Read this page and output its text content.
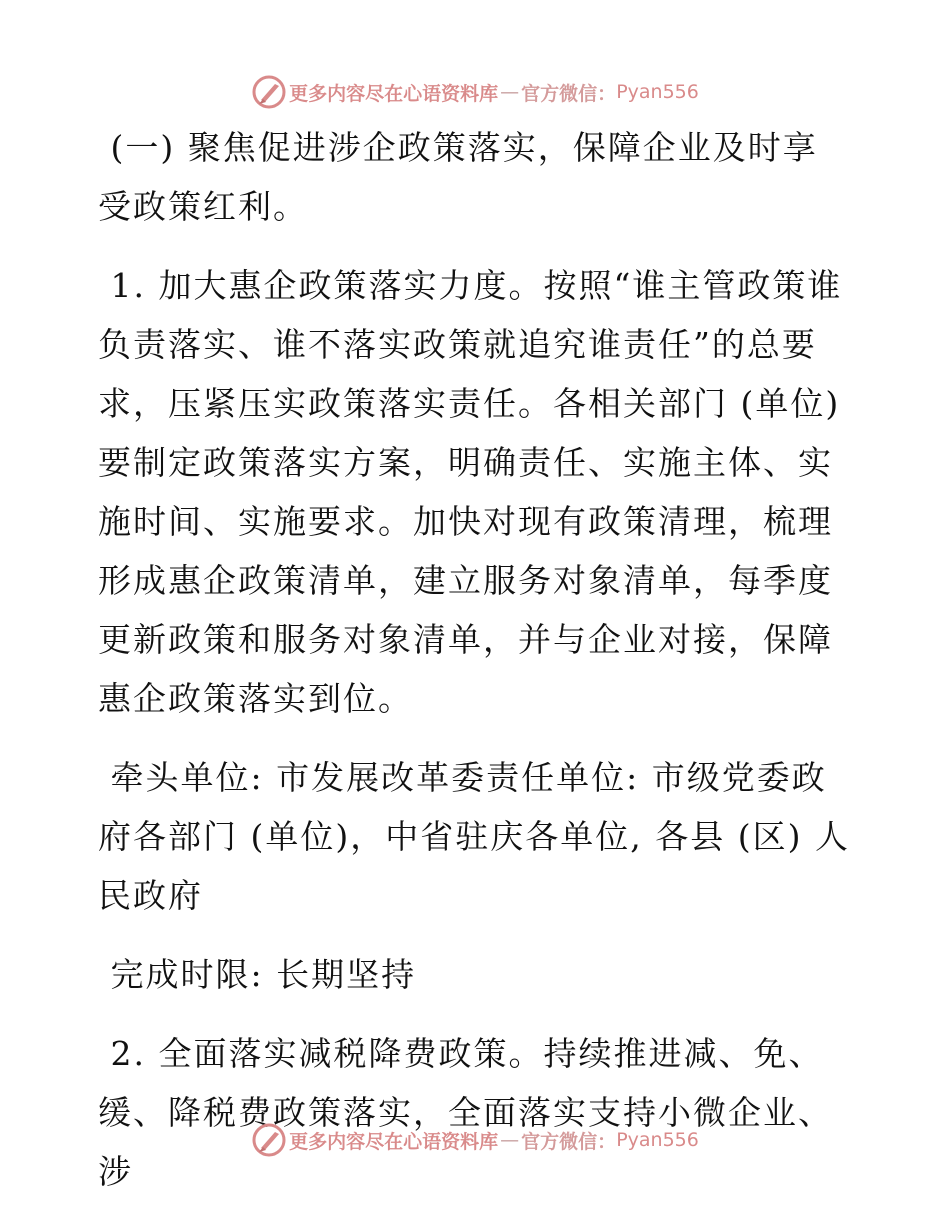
更多内容尽在心语资料库 — 官方微信： Pyan556

(一) 聚焦促进涉企政策落实，保障企业及时享受政策红利。

1. 加大惠企政策落实力度。按照“谁主管政策谁负责落实、谁不落实政策就追究谁责任”的总要求，压紧压实政策落实责任。各相关部门 (单位) 要制定政策落实方案，明确责任、实施主体、实施时间、实施要求。加快对现有政策清理，梳理形成惠企政策清单，建立服务对象清单，每季度更新政策和服务对象清单，并与企业对接，保障惠企政策落实到位。

牵头单位: 市发展改革委责任单位: 市级党委政府各部门 (单位)，中省驻庆各单位, 各县 (区) 人民政府

完成时限: 长期坚持

2. 全面落实减税降费政策。持续推进减、免、缓、降税费政策落实，全面落实支持小微企业、涉

更多内容尽在心语资料库 — 官方微信： Pyan556
